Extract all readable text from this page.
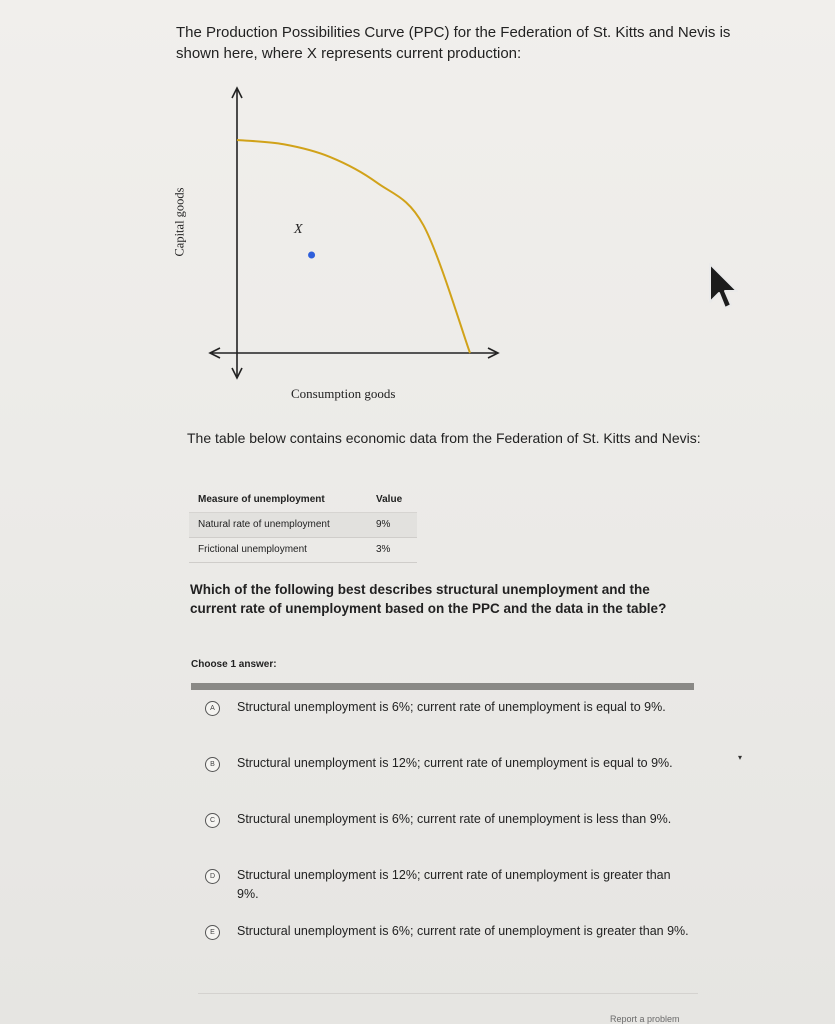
The Production Possibilities Curve (PPC) for the Federation of St. Kitts and Nevis is shown here, where X represents current production:
Capital goods
Consumption goods
X
The table below contains economic data from the Federation of St. Kitts and Nevis:
Measure of unemployment	Value
Natural rate of unemployment	9%
Frictional unemployment	3%
Which of the following best describes structural unemployment and the current rate of unemployment based on the PPC and the data in the table?
Choose 1 answer:
A	Structural unemployment is 6%; current rate of unemployment is equal to 9%.
B	Structural unemployment is 12%; current rate of unemployment is equal to 9%.
C	Structural unemployment is 6%; current rate of unemployment is less than 9%.
D	Structural unemployment is 12%; current rate of unemployment is greater than 9%.
E	Structural unemployment is 6%; current rate of unemployment is greater than 9%.
Report a problem
▾
